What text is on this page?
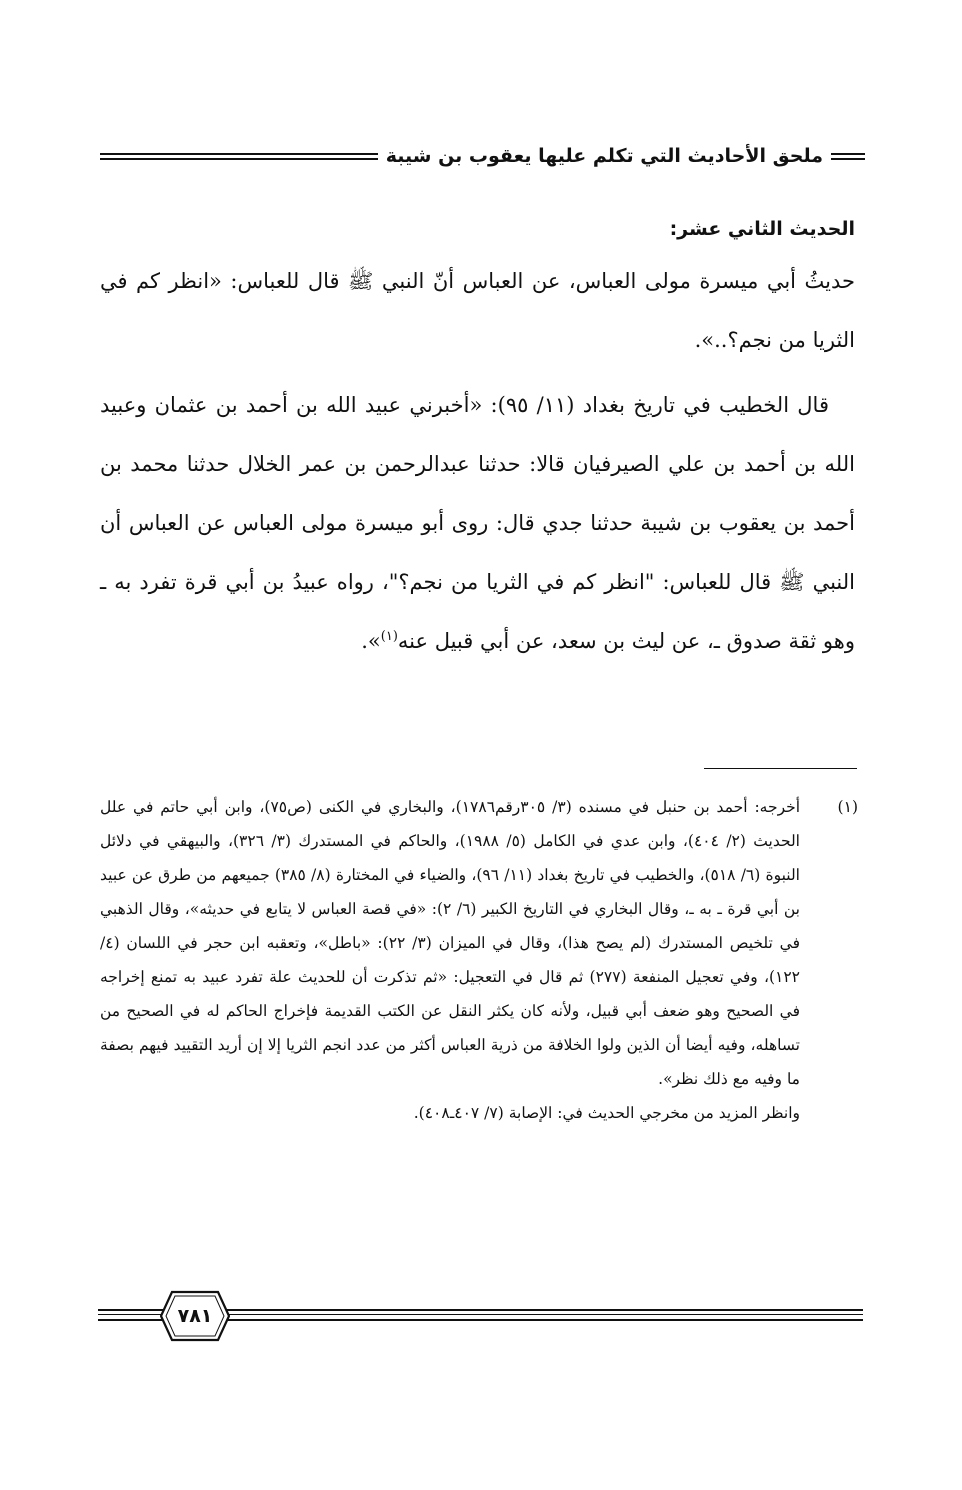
ملحق الأحاديث التي تكلم عليها يعقوب بن شيبة
الحديث الثاني عشر:

حديثُ أبي ميسرة مولى العباس، عن العباس أنّ النبي ﷺ قال للعباس: «انظر كم في الثريا من نجم؟..».

قال الخطيب في تاريخ بغداد (١١/ ٩٥): «أخبرني عبيد الله بن أحمد بن عثمان وعبيد الله بن أحمد بن علي الصيرفيان قالا: حدثنا عبدالرحمن بن عمر الخلال حدثنا محمد بن أحمد بن يعقوب بن شيبة حدثنا جدي قال: روى أبو ميسرة مولى العباس عن العباس أن النبي ﷺ قال للعباس: "انظر كم في الثريا من نجم؟"، رواه عبيدُ بن أبي قرة تفرد به ـ وهو ثقة صدوق ـ، عن ليث بن سعد، عن أبي قبيل عنه$^{(١)}$».

(١)
أخرجه: أحمد بن حنبل في مسنده (٣/ ٣٠٥رقم١٧٨٦)، والبخاري في الكنى (ص٧٥)، وابن أبي حاتم في علل الحديث (٢/ ٤٠٤)، وابن عدي في الكامل (٥/ ١٩٨٨)، والحاكم في المستدرك (٣/ ٣٢٦)، والبيهقي في دلائل النبوة (٦/ ٥١٨)، والخطيب في تاريخ بغداد (١١/ ٩٦)، والضياء في المختارة (٨/ ٣٨٥) جميعهم من طرق عن عبيد بن أبي قرة ـ به ـ، وقال البخاري في التاريخ الكبير (٦/ ٢): «في قصة العباس لا يتابع في حديثه»، وقال الذهبي في تلخيص المستدرك (لم يصح هذا)، وقال في الميزان (٣/ ٢٢): «باطل»، وتعقبه ابن حجر في اللسان (٤/ ١٢٢)، وفي تعجيل المنفعة (٢٧٧) ثم قال في التعجيل: «ثم تذكرت أن للحديث علة تفرد عبيد به تمنع إخراجه في الصحيح وهو ضعف أبي قبيل، ولأنه كان يكثر النقل عن الكتب القديمة فإخراج الحاكم له في الصحيح من تساهله، وفيه أيضا أن الذين ولوا الخلافة من ذرية العباس أكثر من عدد انجم الثريا إلا إن أريد التقييد فيهم بصفة ما وفيه مع ذلك نظر».
وانظر المزيد من مخرجي الحديث في: الإصابة (٧/ ٤٠٧ـ٤٠٨).
٧٨١
